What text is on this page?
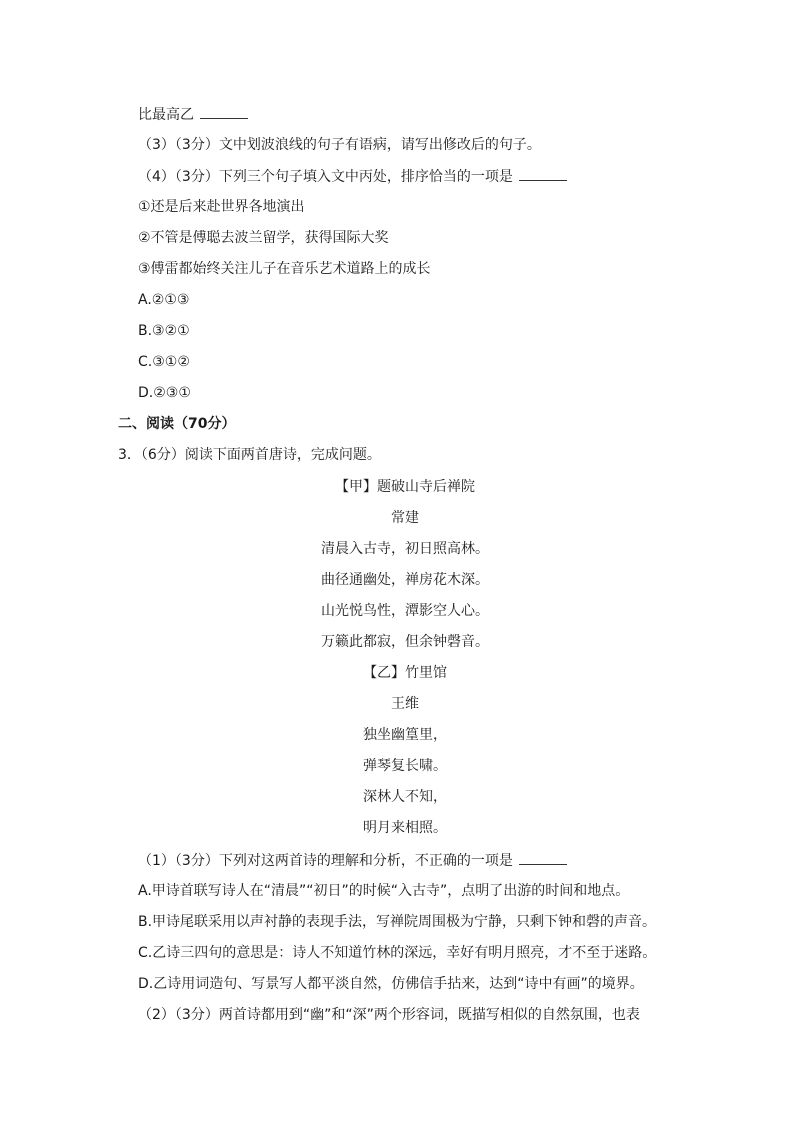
比最高乙
（3）（3分）文中划波浪线的句子有语病，请写出修改后的句子。
（4）（3分）下列三个句子填入文中丙处，排序恰当的一项是
①还是后来赴世界各地演出
②不管是傅聪去波兰留学，获得国际大奖
③傅雷都始终关注儿子在音乐艺术道路上的成长
A.②①③
B.③②①
C.③①②
D.②③①
二、阅读（70分）
3．（6分）阅读下面两首唐诗，完成问题。
【甲】题破山寺后禅院
常建
清晨入古寺，初日照高林。
曲径通幽处，禅房花木深。
山光悦鸟性，潭影空人心。
万籁此都寂，但余钟磬音。
【乙】竹里馆
王维
独坐幽篁里，
弹琴复长啸。
深林人不知，
明月来相照。
（1）（3分）下列对这两首诗的理解和分析，不正确的一项是
A.甲诗首联写诗人在“清晨”“初日”的时候“入古寺”，点明了出游的时间和地点。
B.甲诗尾联采用以声衬静的表现手法，写禅院周围极为宁静，只剩下钟和磬的声音。
C.乙诗三四句的意思是：诗人不知道竹林的深远，幸好有明月照亮，才不至于迷路。
D.乙诗用词造句、写景写人都平淡自然，仿佛信手拈来，达到“诗中有画”的境界。
（2）（3分）两首诗都用到“幽”和“深”两个形容词，既描写相似的自然氛围，也表
